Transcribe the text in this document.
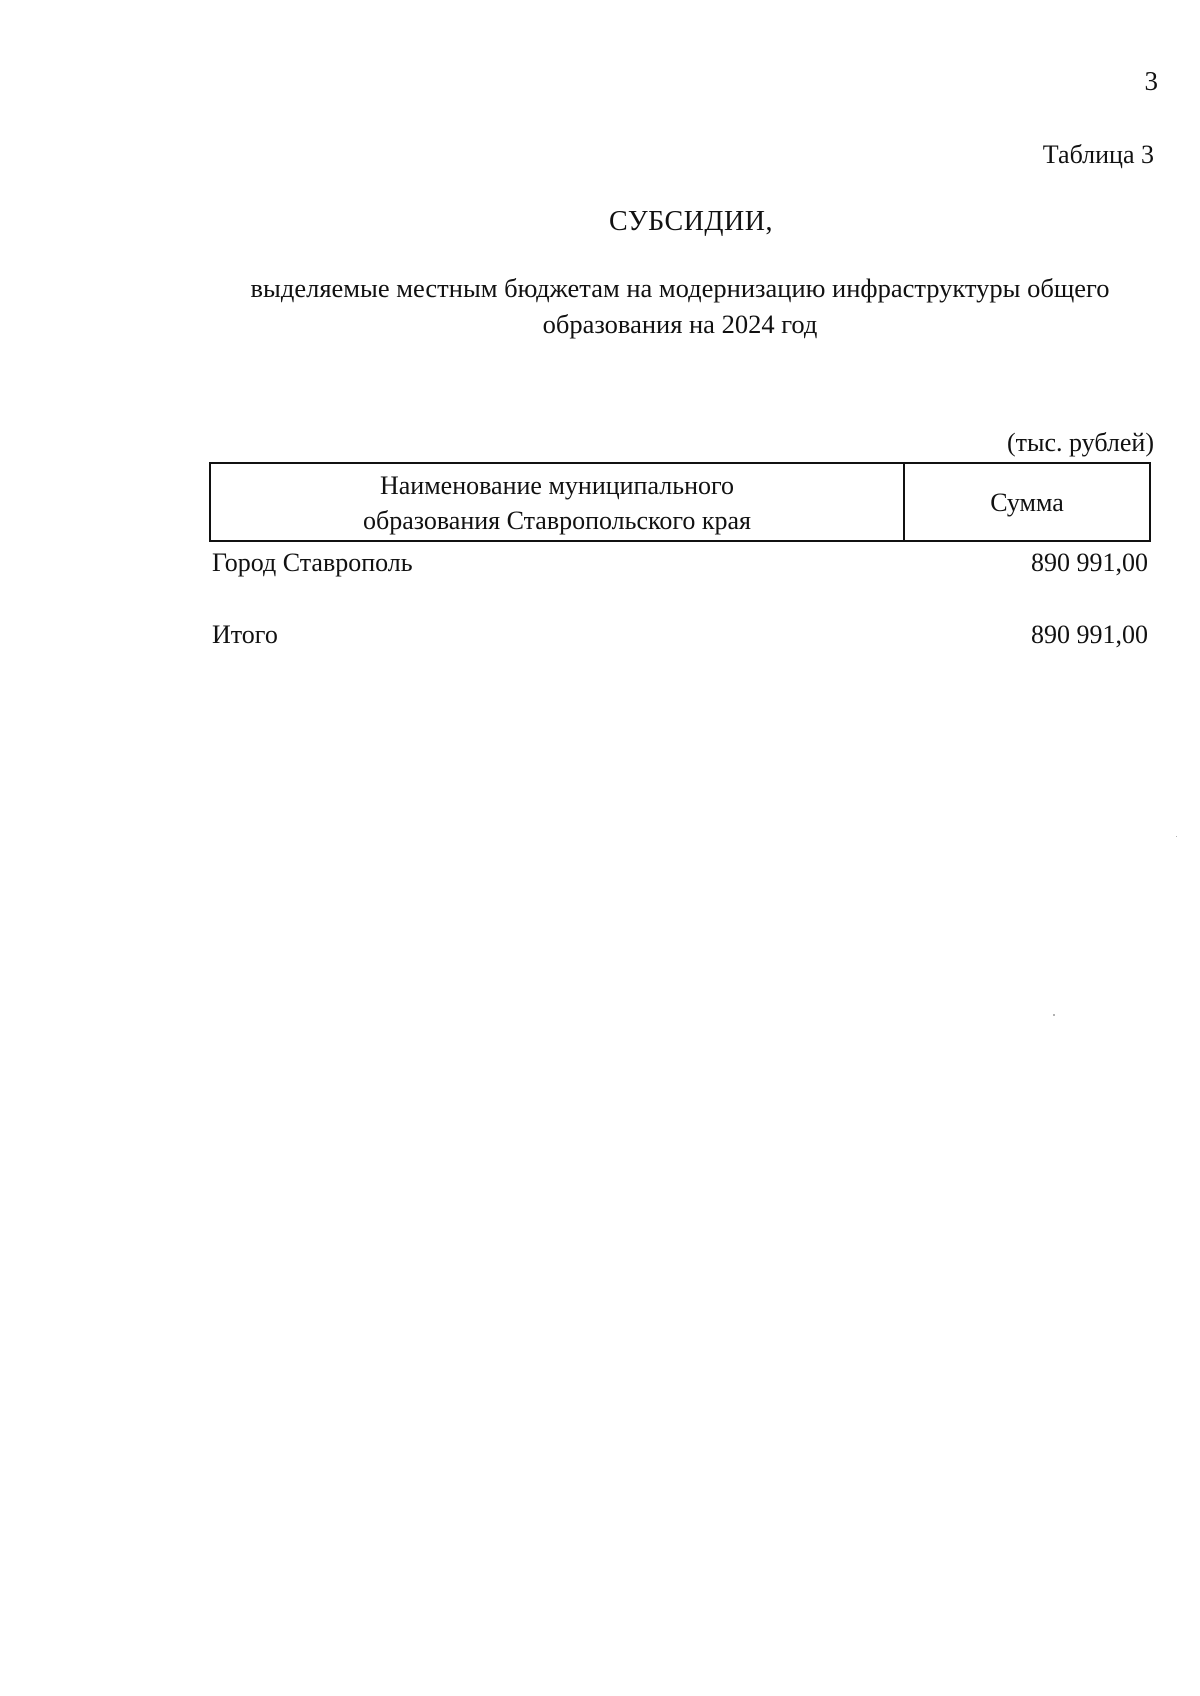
3
Таблица 3
СУБСИДИИ,
выделяемые местным бюджетам на модернизацию инфраструктуры общего
образования на 2024 год
(тыс. рублей)
Наименование муниципального
образования Ставропольского края
Сумма
Город Ставрополь	890 991,00
Итого	890 991,00
